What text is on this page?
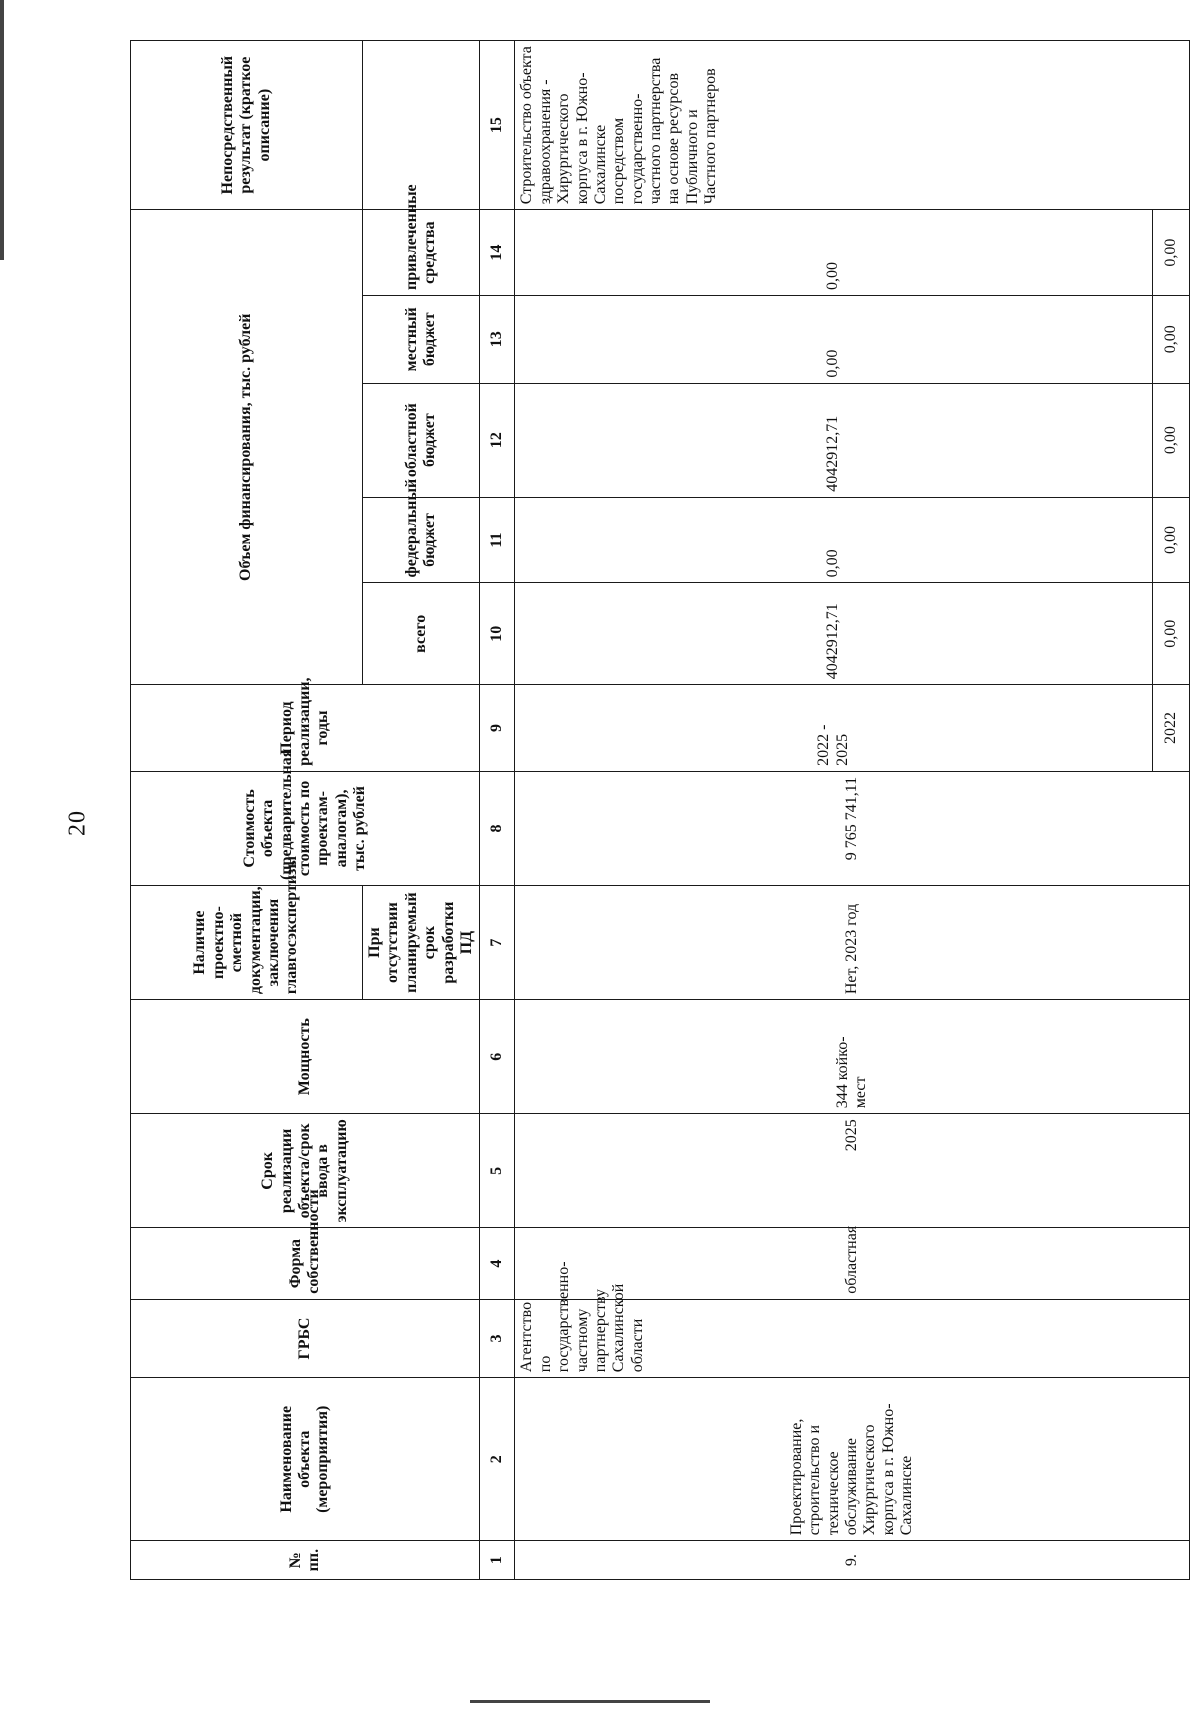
20
№ пп.	Наименование объекта (мероприятия)	ГРБС	Форма собственности	Срок реализации объекта/срок ввода в эксплуатацию	Мощность	Наличие проектно-сметной документации, заключения главгосэкспертизы	Стоимость объекта (предварительная стоимость по проектам-аналогам), тыс. рублей	Период реализации, годы	Объем финансирования, тыс. рублей					Непосредственный результат (краткое описание)
						При отсутствии планируемый срок разработки ПД			всего	федеральный бюджет	областной бюджет	местный бюджет	привлеченные средства	
1	2	3	4	5	6	7	8	9	10	11	12	13	14	15
9.	Проектирование, строительство и техническое обслуживание Хирургического корпуса в г. Южно-Сахалинске	Агентство по государственно-частному партнерству Сахалинской области	областная	2025	344 койко-мест	Нет, 2023 год	9 765 741,11	2022 - 2025	4042912,71	0,00	4042912,71	0,00	0,00	Строительство объекта здравоохранения - Хирургического корпуса в г. Южно-Сахалинске посредством государственно-частного партнерства на основе ресурсов Публичного и Частного партнеров
								2022	0,00	0,00	0,00	0,00	0,00	
